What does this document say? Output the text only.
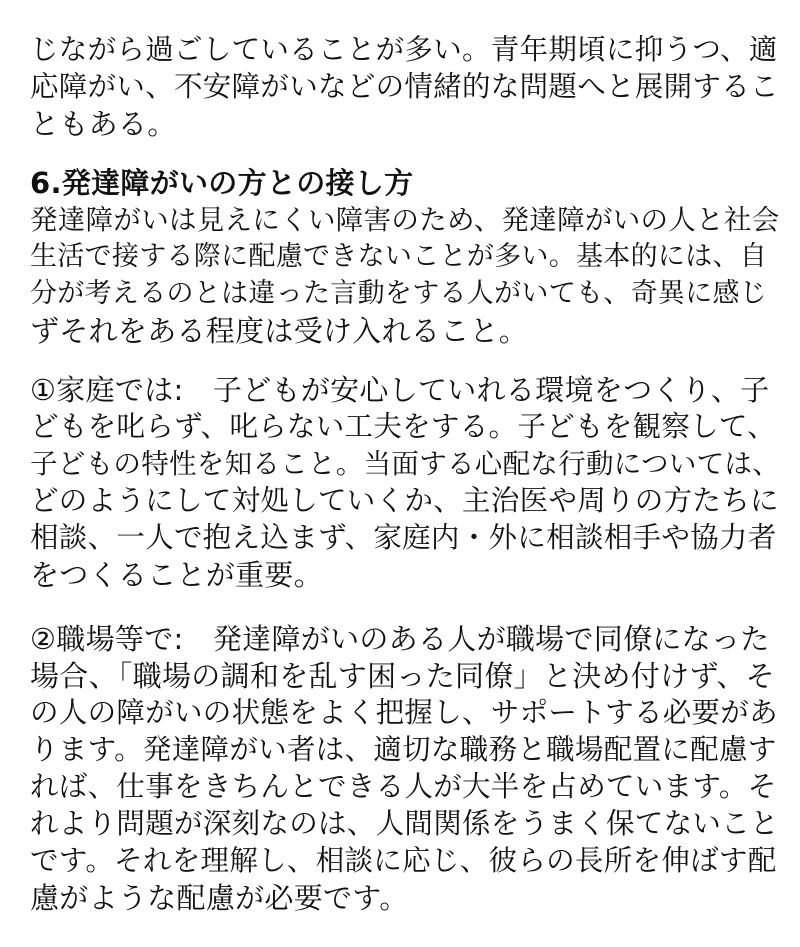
じながら過ごしていることが多い。青年期頃に抑うつ、適
応障がい、不安障がいなどの情緒的な問題へと展開するこ
ともある。
6.発達障がいの方との接し方
発達障がいは見えにくい障害のため、発達障がいの人と社会
生活で接する際に配慮できないことが多い。基本的には、自
分が考えるのとは違った言動をする人がいても、奇異に感じ
ずそれをある程度は受け入れること。
①家庭では:　子どもが安心していれる環境をつくり、子
どもを叱らず、叱らない工夫をする。子どもを観察して、
子どもの特性を知ること。当面する心配な行動については、
どのようにして対処していくか、主治医や周りの方たちに
相談、一人で抱え込まず、家庭内・外に相談相手や協力者
をつくることが重要。
②職場等で:　発達障がいのある人が職場で同僚になった
場合、「職場の調和を乱す困った同僚」と決め付けず、そ
の人の障がいの状態をよく把握し、サポートする必要があ
ります。発達障がい者は、適切な職務と職場配置に配慮す
れば、仕事をきちんとできる人が大半を占めています。そ
れより問題が深刻なのは、人間関係をうまく保てないこと
です。それを理解し、相談に応じ、彼らの長所を伸ばす配
慮がような配慮が必要です。
